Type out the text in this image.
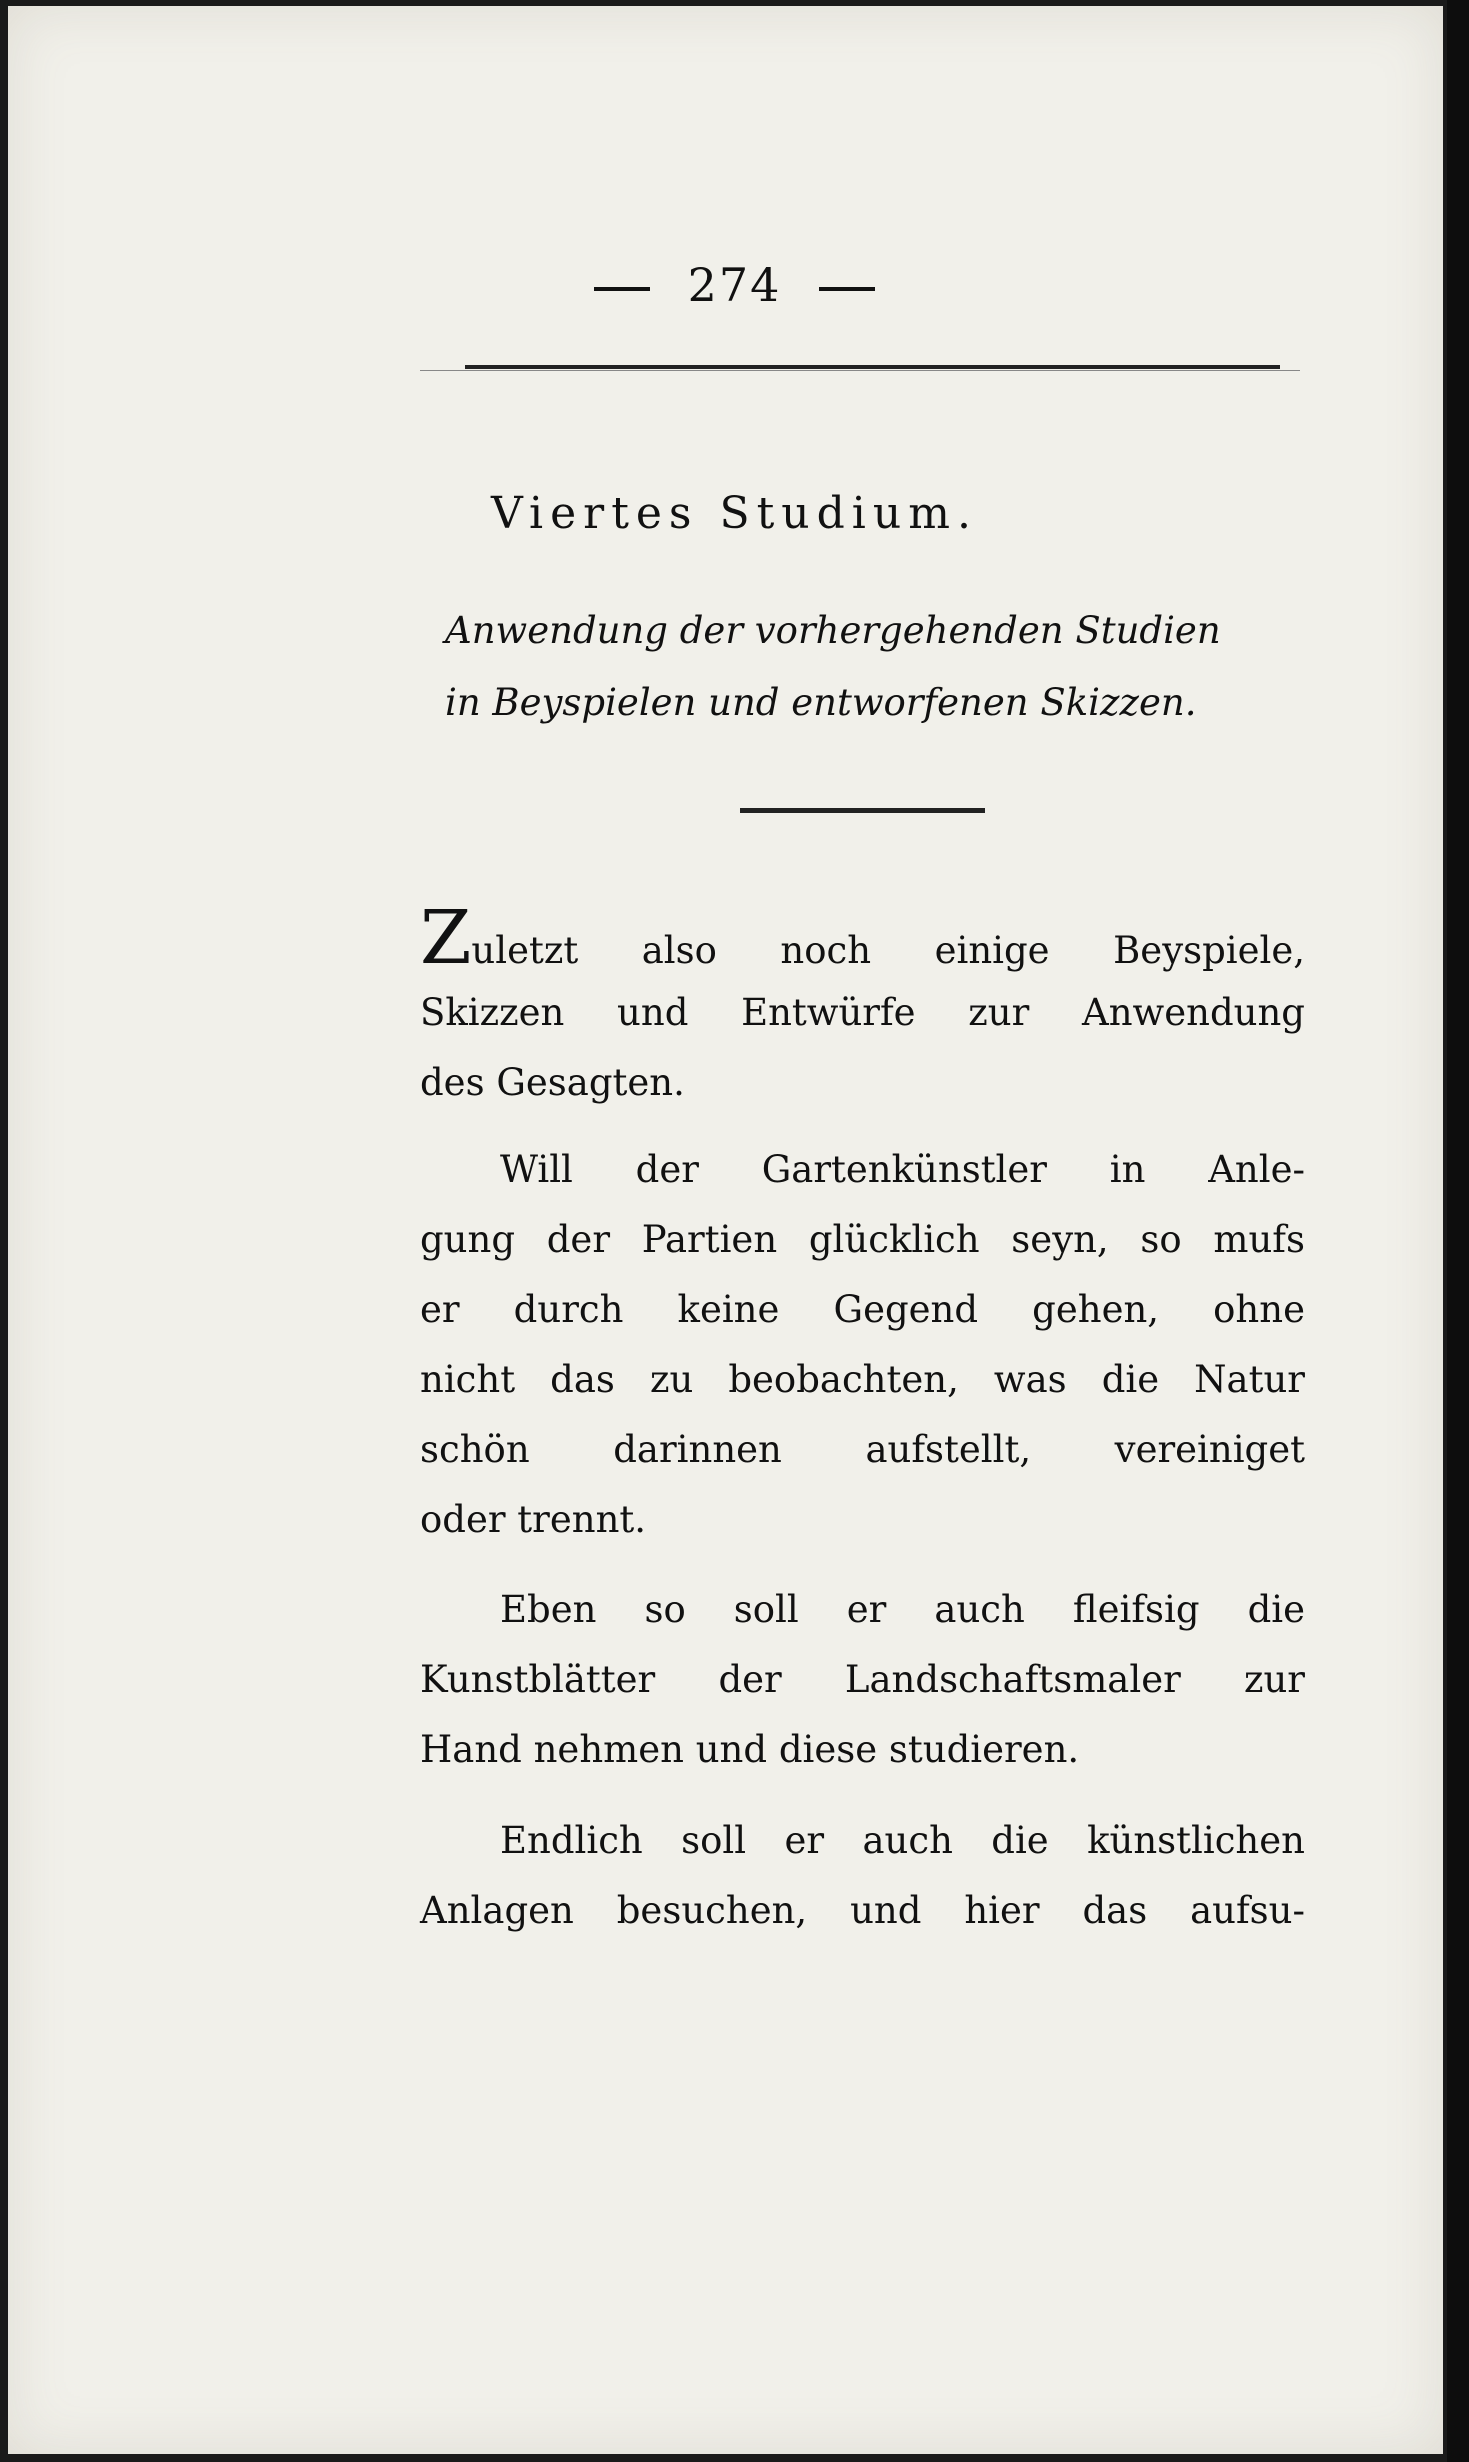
274
Viertes Studium.
Anwendung der vorhergehenden Studien
in Beyspielen und entworfenen Skizzen.
Zuletzt also noch einige Beyspiele,
Skizzen und Entwürfe zur Anwendung
des Gesagten.
Will der Gartenkünstler in Anle-
gung der Partien glücklich seyn, so mufs
er durch keine Gegend gehen, ohne
nicht das zu beobachten, was die Natur
schön darinnen aufstellt, vereiniget
oder trennt.
Eben so soll er auch fleifsig die
Kunstblätter der Landschaftsmaler zur
Hand nehmen und diese studieren.
Endlich soll er auch die künstlichen
Anlagen besuchen, und hier das aufsu-
